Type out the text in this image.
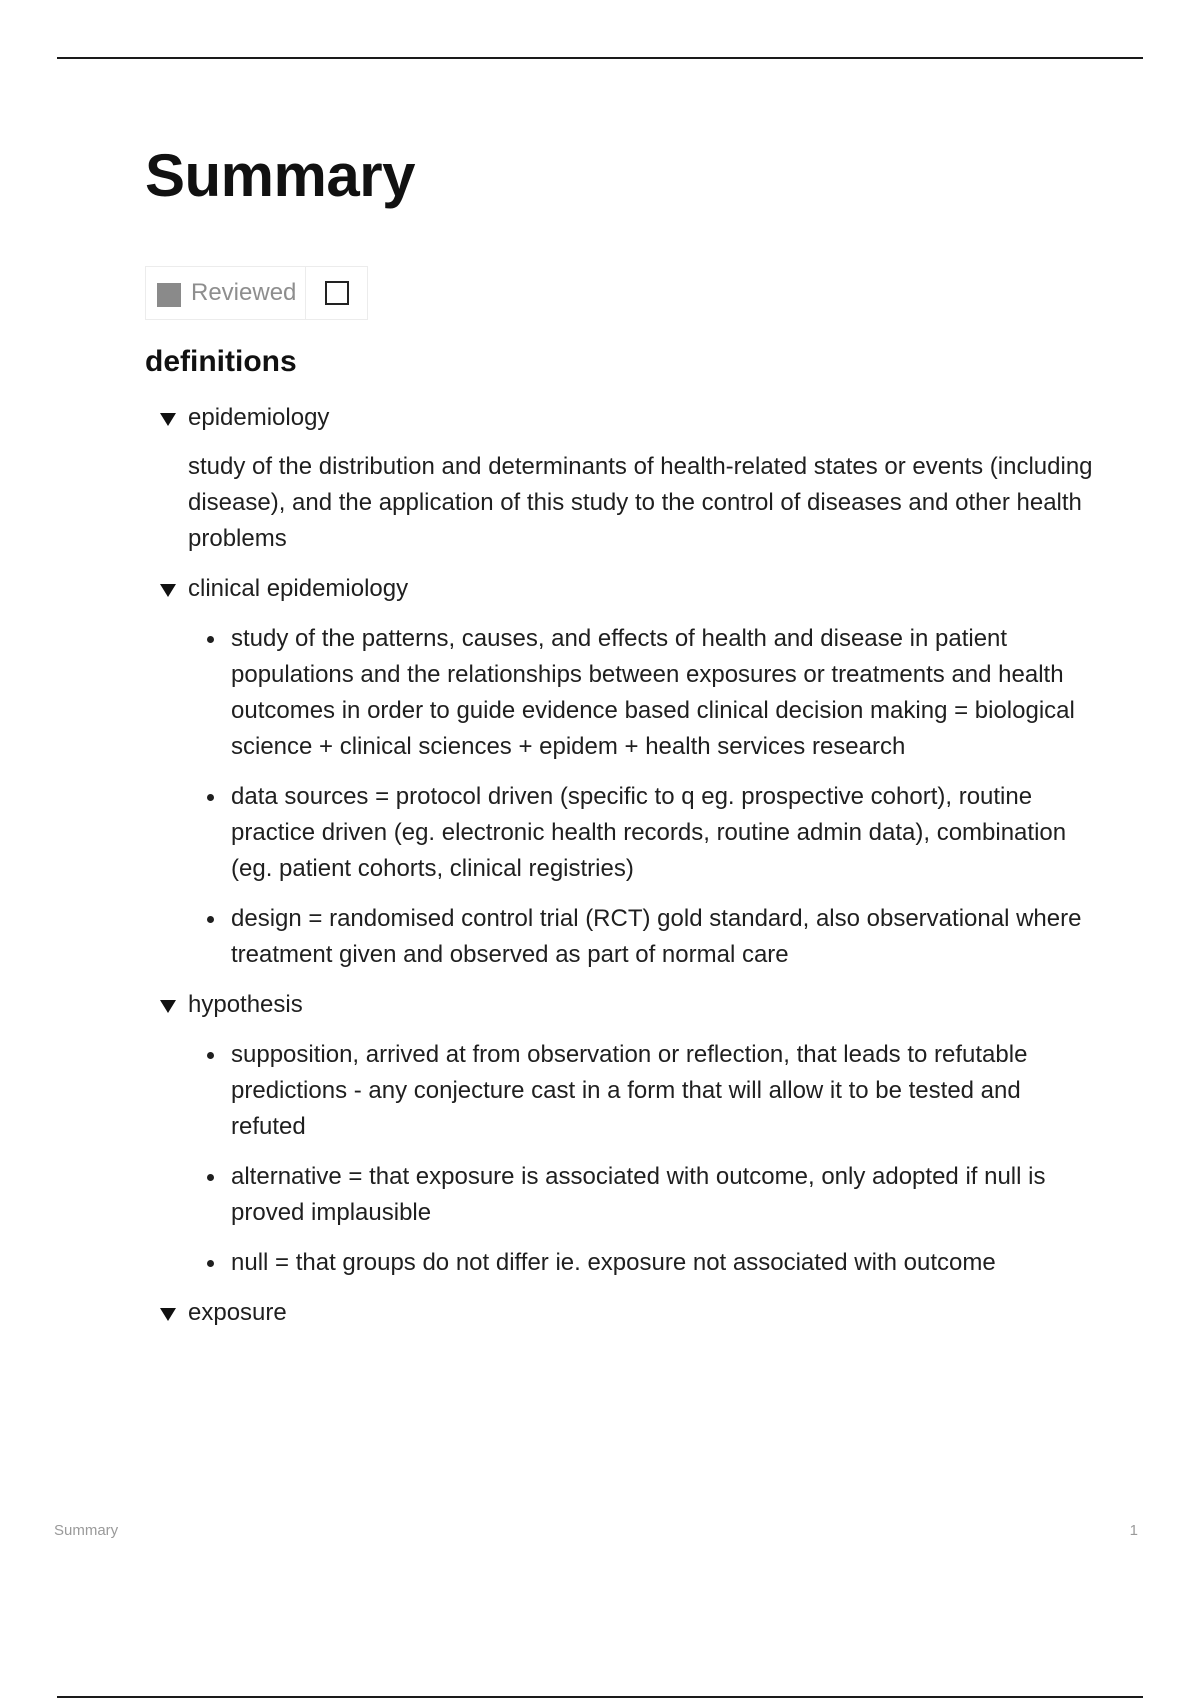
Summary
Reviewed
definitions
epidemiology

study of the distribution and determinants of health-related states or events (including disease), and the application of this study to the control of diseases and other health problems

clinical epidemiology
study of the patterns, causes, and effects of health and disease in patient populations and the relationships between exposures or treatments and health outcomes in order to guide evidence based clinical decision making = biological science + clinical sciences + epidem + health services research
data sources = protocol driven (specific to q eg. prospective cohort), routine practice driven (eg. electronic health records, routine admin data), combination (eg. patient cohorts, clinical registries)
design = randomised control trial (RCT) gold standard, also observational where treatment given and observed as part of normal care
hypothesis
supposition, arrived at from observation or reflection, that leads to refutable predictions - any conjecture cast in a form that will allow it to be tested and refuted
alternative = that exposure is associated with outcome, only adopted if null is proved implausible
null = that groups do not differ ie. exposure not associated with outcome
exposure
Summary	1
